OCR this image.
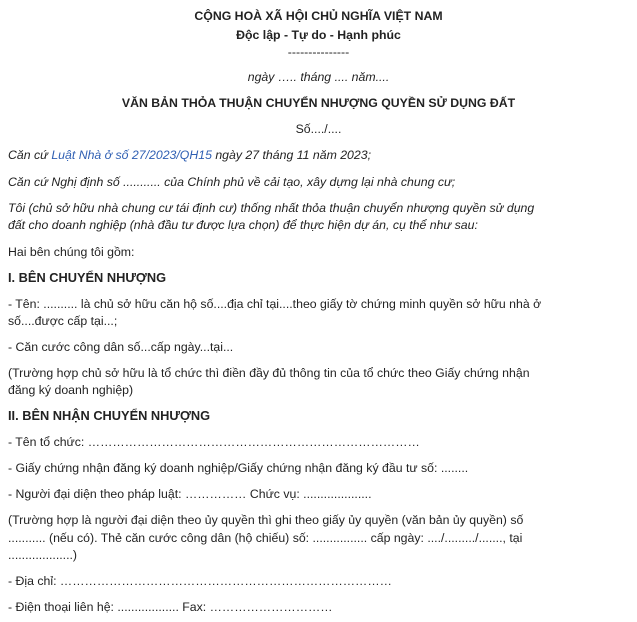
CỘNG HOÀ XÃ HỘI CHỦ NGHĨA VIỆT NAM
Độc lập - Tự do - Hạnh phúc
---------------
ngày ….. tháng .... năm....
VĂN BẢN THỎA THUẬN CHUYỂN NHƯỢNG QUYỀN SỬ DỤNG ĐẤT
Số..../....
Căn cứ Luật Nhà ở số 27/2023/QH15 ngày 27 tháng 11 năm 2023;
Căn cứ Nghị định số ........... của Chính phủ về cải tạo, xây dựng lại nhà chung cư;
Tôi (chủ sở hữu nhà chung cư tái định cư) thống nhất thỏa thuận chuyển nhượng quyền sử dụng
đất cho doanh nghiệp (nhà đầu tư được lựa chọn) để thực hiện dự án, cụ thể như sau:
Hai bên chúng tôi gồm:
I. BÊN CHUYỂN NHƯỢNG
- Tên: .......... là chủ sở hữu căn hộ số....địa chỉ tại....theo giấy tờ chứng minh quyền sở hữu nhà ở
số....được cấp tại...;
- Căn cước công dân số...cấp ngày...tại...
(Trường hợp chủ sở hữu là tổ chức thì điền đầy đủ thông tin của tổ chức theo Giấy chứng nhận
đăng ký doanh nghiệp)
II. BÊN NHẬN CHUYỂN NHƯỢNG
- Tên tổ chức: ………………………………………………………………………
- Giấy chứng nhận đăng ký doanh nghiệp/Giấy chứng nhận đăng ký đầu tư số: ........
- Người đại diện theo pháp luật: …………… Chức vụ: ....................
(Trường hợp là người đại diện theo ủy quyền thì ghi theo giấy ủy quyền (văn bản ủy quyền) số
........... (nếu có). Thẻ căn cước công dân (hộ chiếu) số: ................ cấp ngày: ..../........./......., tại
...................)
- Địa chỉ: ………………………………………………………………………
- Điện thoại liên hệ: .................. Fax: …………………………
